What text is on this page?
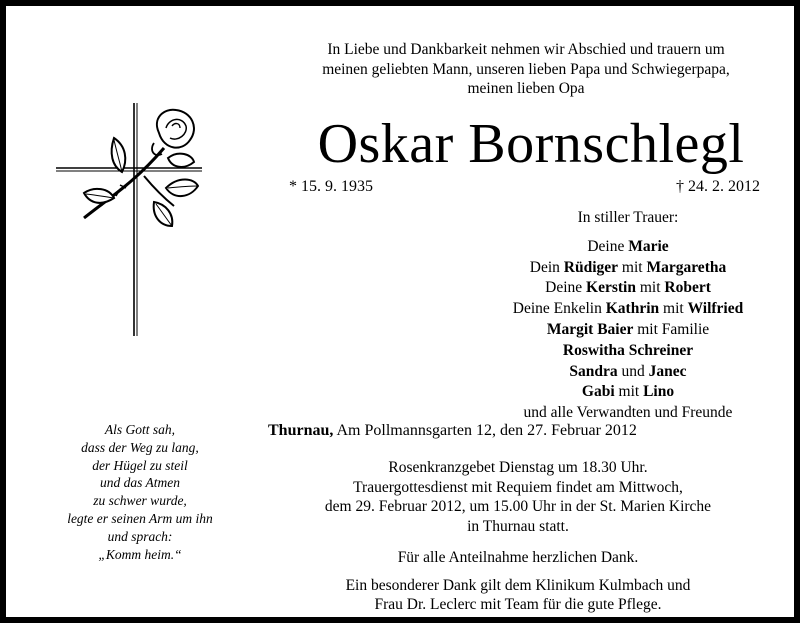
In Liebe und Dankbarkeit nehmen wir Abschied und trauern um
meinen geliebten Mann, unseren lieben Papa und Schwiegerpapa,
meinen lieben Opa
Oskar Bornschlegl
* 15. 9. 1935	† 24. 2. 2012
In stiller Trauer:
Deine Marie
Dein Rüdiger mit Margaretha
Deine Kerstin mit Robert
Deine Enkelin Kathrin mit Wilfried
Margit Baier mit Familie
Roswitha Schreiner
Sandra und Janec
Gabi mit Lino
und alle Verwandten und Freunde
Als Gott sah,
dass der Weg zu lang,
der Hügel zu steil
und das Atmen
zu schwer wurde,
legte er seinen Arm um ihn
und sprach:
„Komm heim.“
Thurnau, Am Pollmannsgarten 12, den 27. Februar 2012
Rosenkranzgebet Dienstag um 18.30 Uhr.
Trauergottesdienst mit Requiem findet am Mittwoch,
dem 29. Februar 2012, um 15.00 Uhr in der St. Marien Kirche
in Thurnau statt.
Für alle Anteilnahme herzlichen Dank.
Ein besonderer Dank gilt dem Klinikum Kulmbach und
Frau Dr. Leclerc mit Team für die gute Pflege.
